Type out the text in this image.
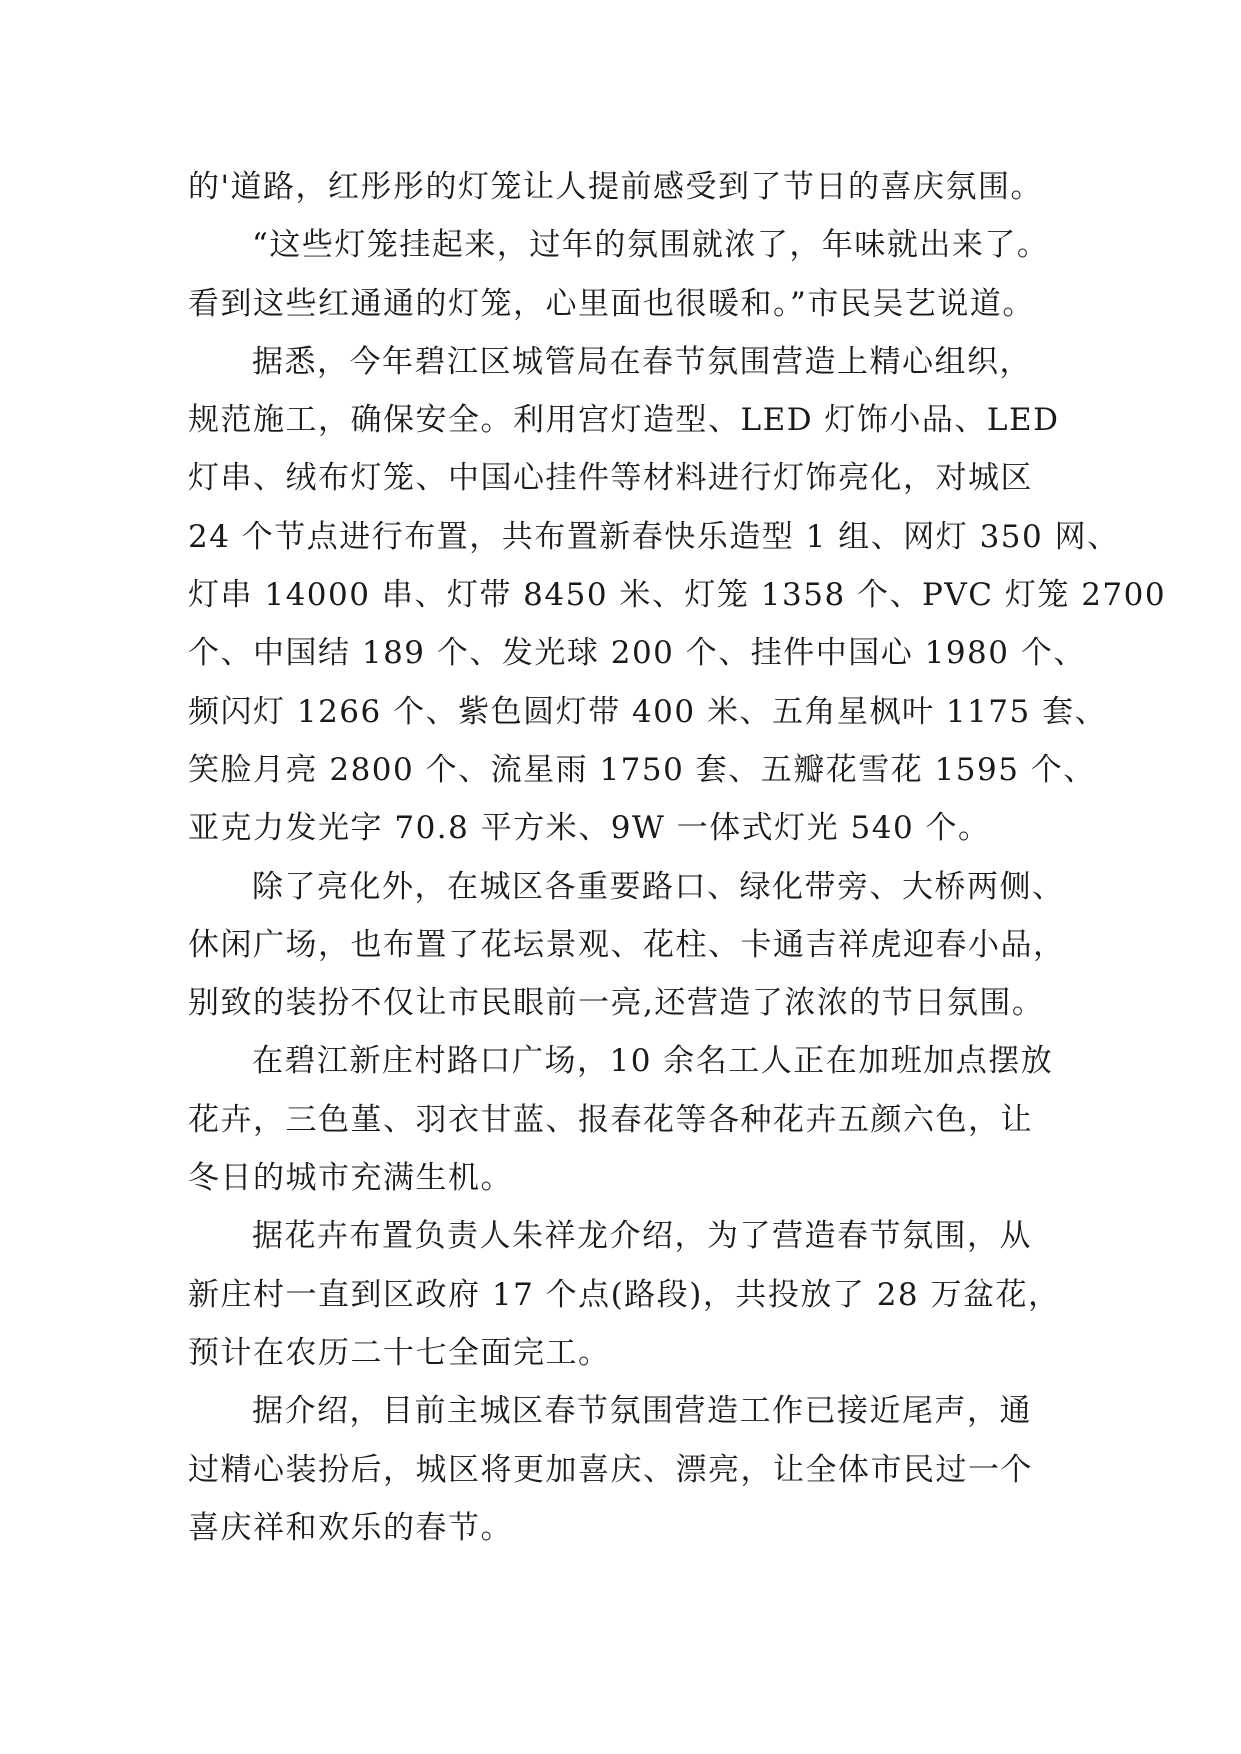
的'道路，红彤彤的灯笼让人提前感受到了节日的喜庆氛围。
“这些灯笼挂起来，过年的氛围就浓了，年味就出来了。
看到这些红通通的灯笼，心里面也很暖和。”市民吴艺说道。
据悉，今年碧江区城管局在春节氛围营造上精心组织，
规范施工，确保安全。利用宫灯造型、LED 灯饰小品、LED
灯串、绒布灯笼、中国心挂件等材料进行灯饰亮化，对城区
24 个节点进行布置，共布置新春快乐造型 1 组、网灯 350 网、
灯串 14000 串、灯带 8450 米、灯笼 1358 个、PVC 灯笼 2700
个、中国结 189 个、发光球 200 个、挂件中国心 1980 个、
频闪灯 1266 个、紫色圆灯带 400 米、五角星枫叶 1175 套、
笑脸月亮 2800 个、流星雨 1750 套、五瓣花雪花 1595 个、
亚克力发光字 70.8 平方米、9W 一体式灯光 540 个。
除了亮化外，在城区各重要路口、绿化带旁、大桥两侧、
休闲广场，也布置了花坛景观、花柱、卡通吉祥虎迎春小品，
别致的装扮不仅让市民眼前一亮,还营造了浓浓的节日氛围。
在碧江新庄村路口广场，10 余名工人正在加班加点摆放
花卉，三色堇、羽衣甘蓝、报春花等各种花卉五颜六色，让
冬日的城市充满生机。
据花卉布置负责人朱祥龙介绍，为了营造春节氛围，从
新庄村一直到区政府 17 个点(路段)，共投放了 28 万盆花，
预计在农历二十七全面完工。
据介绍，目前主城区春节氛围营造工作已接近尾声，通
过精心装扮后，城区将更加喜庆、漂亮，让全体市民过一个
喜庆祥和欢乐的春节。
